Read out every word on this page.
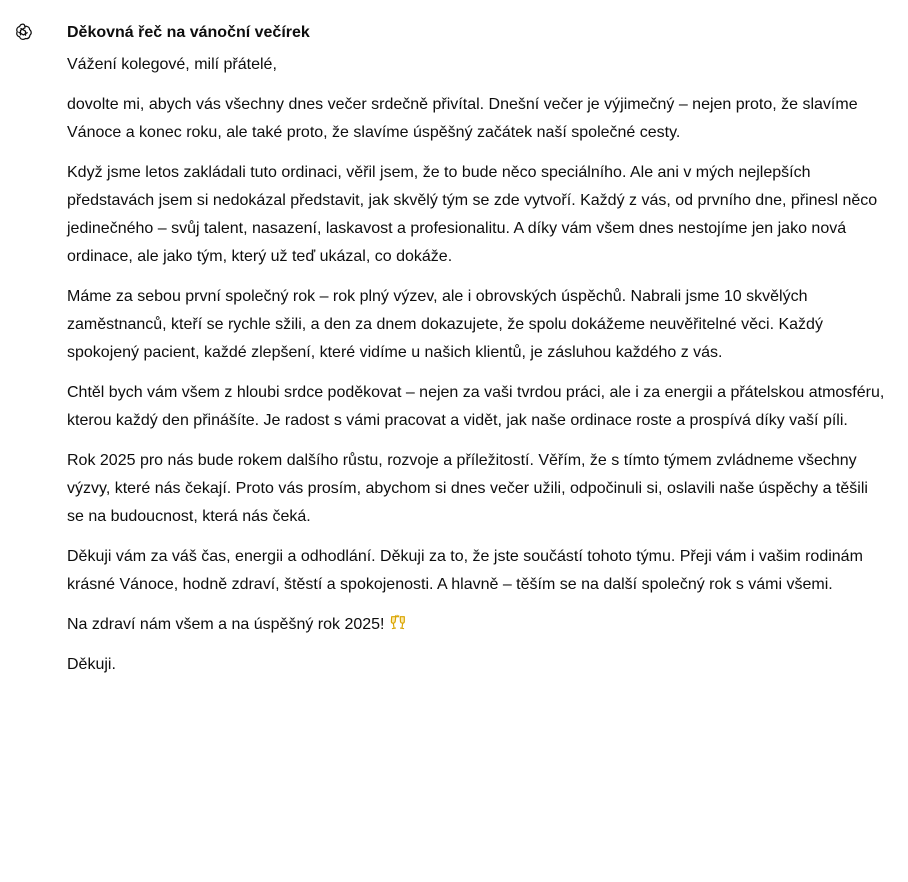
Děkovná řeč na vánoční večírek

Vážení kolegové, milí přátelé,

dovolte mi, abych vás všechny dnes večer srdečně přivítal. Dnešní večer je výjimečný – nejen proto, že slavíme Vánoce a konec roku, ale také proto, že slavíme úspěšný začátek naší společné cesty.

Když jsme letos zakládali tuto ordinaci, věřil jsem, že to bude něco speciálního. Ale ani v mých nejlepších představách jsem si nedokázal představit, jak skvělý tým se zde vytvoří. Každý z vás, od prvního dne, přinesl něco jedinečného – svůj talent, nasazení, laskavost a profesionalitu. A díky vám všem dnes nestojíme jen jako nová ordinace, ale jako tým, který už teď ukázal, co dokáže.

Máme za sebou první společný rok – rok plný výzev, ale i obrovských úspěchů. Nabrali jsme 10 skvělých zaměstnanců, kteří se rychle sžili, a den za dnem dokazujete, že spolu dokážeme neuvěřitelné věci. Každý spokojený pacient, každé zlepšení, které vidíme u našich klientů, je zásluhou každého z vás.

Chtěl bych vám všem z hloubi srdce poděkovat – nejen za vaši tvrdou práci, ale i za energii a přátelskou atmosféru, kterou každý den přinášíte. Je radost s vámi pracovat a vidět, jak naše ordinace roste a prospívá díky vaší píli.

Rok 2025 pro nás bude rokem dalšího růstu, rozvoje a příležitostí. Věřím, že s tímto týmem zvládneme všechny výzvy, které nás čekají. Proto vás prosím, abychom si dnes večer užili, odpočinuli si, oslavili naše úspěchy a těšili se na budoucnost, která nás čeká.

Děkuji vám za váš čas, energii a odhodlání. Děkuji za to, že jste součástí tohoto týmu. Přeji vám i vašim rodinám krásné Vánoce, hodně zdraví, štěstí a spokojenosti. A hlavně – těším se na další společný rok s vámi všemi.

Na zdraví nám všem a na úspěšný rok 2025!

Děkuji.
